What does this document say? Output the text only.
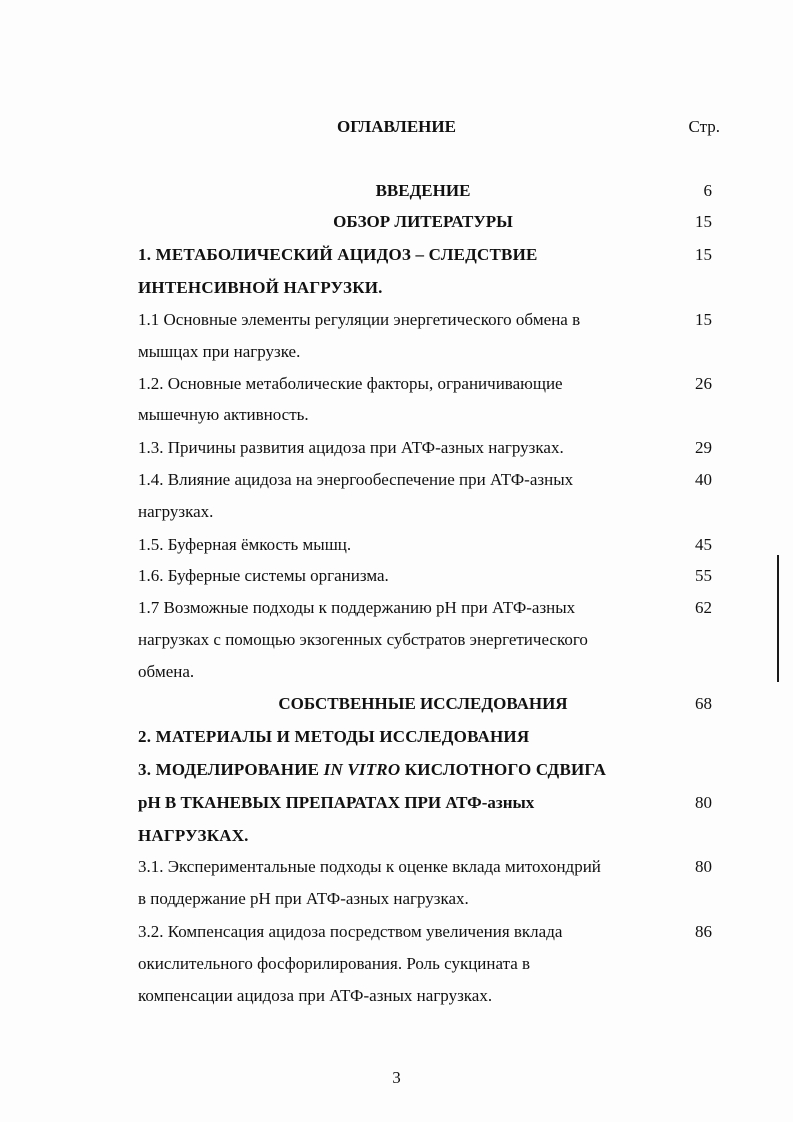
ОГЛАВЛЕНИЕ	Стр.
ВВЕДЕНИЕ	6
ОБЗОР ЛИТЕРАТУРЫ	15
1. МЕТАБОЛИЧЕСКИЙ АЦИДОЗ – СЛЕДСТВИЕ	15
ИНТЕНСИВНОЙ НАГРУЗКИ.
1.1 Основные элементы регуляции энергетического обмена в	15
мышцах при нагрузке.
1.2. Основные метаболические факторы, ограничивающие	26
мышечную активность.
1.3. Причины развития ацидоза при АТФ-азных нагрузках.	29
1.4. Влияние ацидоза на энергообеспечение при АТФ-азных	40
нагрузках.
1.5. Буферная ёмкость мышц.	45
1.6. Буферные системы организма.	55
1.7 Возможные подходы к поддержанию рН при АТФ-азных	62
нагрузках с помощью экзогенных субстратов энергетического
обмена.
СОБСТВЕННЫЕ ИССЛЕДОВАНИЯ	68
2. МАТЕРИАЛЫ И МЕТОДЫ ИССЛЕДОВАНИЯ
3. МОДЕЛИРОВАНИЕ IN VITRO КИСЛОТНОГО СДВИГА
рН В ТКАНЕВЫХ ПРЕПАРАТАХ ПРИ АТФ-азных	80
НАГРУЗКАХ.
3.1. Экспериментальные подходы к оценке вклада митохондрий	80
в поддержание рН при АТФ-азных нагрузках.
3.2. Компенсация ацидоза посредством увеличения вклада	86
окислительного фосфорилирования. Роль сукцината в
компенсации ацидоза при АТФ-азных нагрузках.
3
